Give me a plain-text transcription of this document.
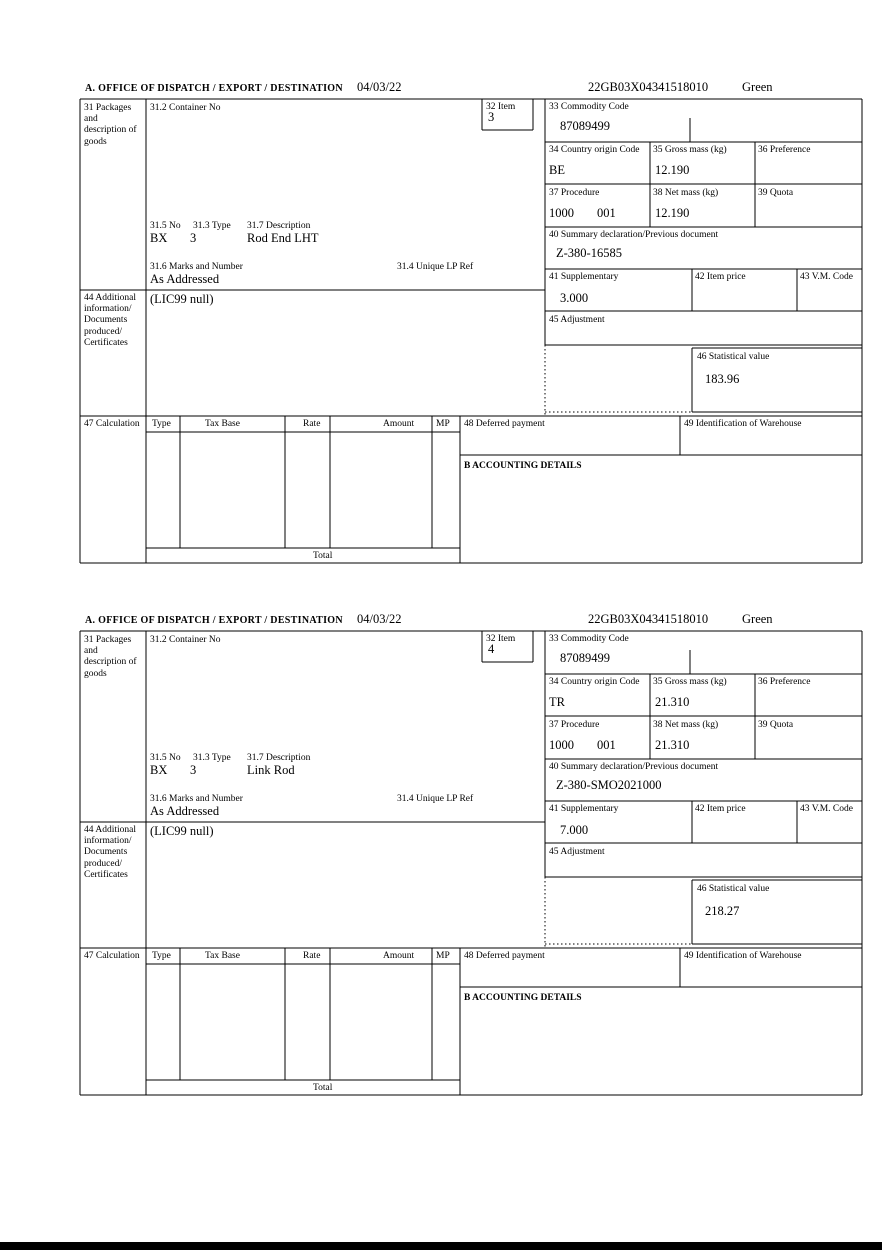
A. OFFICE OF DISPATCH / EXPORT / DESTINATION 04/03/22	22GB03X04341518010	Green
31 Packages and description of goods
31.2 Container No	32 Item
3
33 Commodity Code
87089499
34 Country origin Code
BE
35 Gross mass (kg)
12.190
36 Preference
37 Procedure
1000 001
38 Net mass (kg)
12.190
39 Quota
40 Summary declaration/Previous document
Z-380-16585
41 Supplementary
3.000
42 Item price	43 V.M. Code
45 Adjustment
46 Statistical value
183.96
31.5 No 31.3 Type 31.7 Description
BX 3	Rod End LHT
31.6 Marks and Number	31.4 Unique LP Ref
As Addressed
44 Additional information/ Documents produced/ Certificates
(LIC99 null)
47 Calculation Type	Tax Base	Rate	Amount MP
Total
48 Deferred payment	49 Identification of Warehouse
B ACCOUNTING DETAILS
A. OFFICE OF DISPATCH / EXPORT / DESTINATION 04/03/22	22GB03X04341518010	Green
31 Packages and description of goods
31.2 Container No	32 Item
4
33 Commodity Code
87089499
34 Country origin Code
TR
35 Gross mass (kg)
21.310
36 Preference
37 Procedure
1000 001
38 Net mass (kg)
21.310
39 Quota
40 Summary declaration/Previous document
Z-380-SMO2021000
41 Supplementary
7.000
42 Item price	43 V.M. Code
45 Adjustment
46 Statistical value
218.27
31.5 No 31.3 Type 31.7 Description
BX 3	Link Rod
31.6 Marks and Number	31.4 Unique LP Ref
As Addressed
44 Additional information/ Documents produced/ Certificates
(LIC99 null)
47 Calculation Type	Tax Base	Rate	Amount MP
Total
48 Deferred payment	49 Identification of Warehouse
B ACCOUNTING DETAILS
